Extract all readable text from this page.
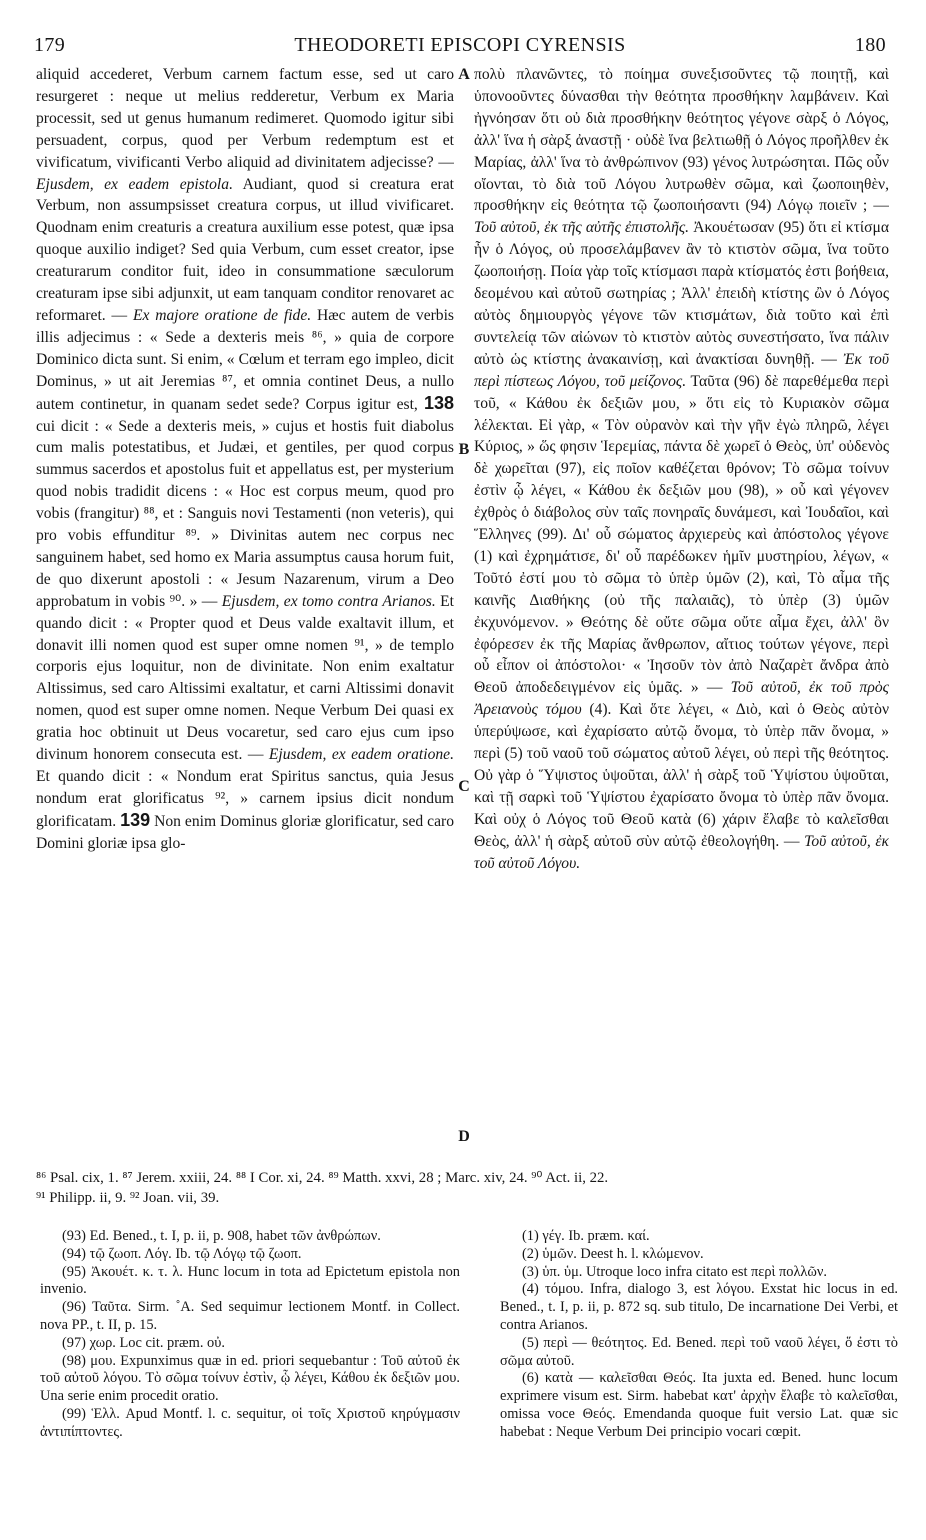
179	THEODORETI EPISCOPI CYRENSIS	180

aliquid accederet, Verbum carnem factum esse, sed ut caro resurgeret : neque ut melius redderetur, Verbum ex Maria processit, sed ut genus humanum redimeret. Quomodo igitur sibi persuadent, corpus, quod per Verbum redemptum est et vivificatum, vivificanti Verbo aliquid ad divinitatem adjecisse? — Ejusdem, ex eadem epistola. Audiant, quod si creatura erat Verbum, non assumpsisset creatura corpus, ut illud vivificaret. Quodnam enim creaturis a creatura auxilium esse potest, quæ ipsa quoque auxilio indiget? Sed quia Verbum, cum esset creator, ipse creaturarum conditor fuit, ideo in consummatione sæculorum creaturam ipse sibi adjunxit, ut eam tanquam conditor renovaret ac reformaret. — Ex majore oratione de fide. Hæc autem de verbis illis adjecimus : « Sede a dexteris meis ⁸⁶, » quia de corpore Dominico dicta sunt. Si enim, « Cœlum et terram ego impleo, dicit Dominus, » ut ait Jeremias ⁸⁷, et omnia continet Deus, a nullo autem continetur, in quanam sedet sede? Corpus igitur est, 138 cui dicit : « Sede a dexteris meis, » cujus et hostis fuit diabolus cum malis potestatibus, et Judæi, et gentiles, per quod corpus summus sacerdos et apostolus fuit et appellatus est, per mysterium quod nobis tradidit dicens : « Hoc est corpus meum, quod pro vobis (frangitur) ⁸⁸, et : Sanguis novi Testamenti (non veteris), qui pro vobis effunditur ⁸⁹. » Divinitas autem nec corpus nec sanguinem habet, sed homo ex Maria assumptus causa horum fuit, de quo dixerunt apostoli : « Jesum Nazarenum, virum a Deo approbatum in vobis ⁹⁰. » — Ejusdem, ex tomo contra Arianos. Et quando dicit : « Propter quod et Deus valde exaltavit illum, et donavit illi nomen quod est super omne nomen ⁹¹, » de templo corporis ejus loquitur, non de divinitate. Non enim exaltatur Altissimus, sed caro Altissimi exaltatur, et carni Altissimi donavit nomen, quod est super omne nomen. Neque Verbum Dei quasi ex gratia hoc obtinuit ut Deus vocaretur, sed caro ejus cum ipso divinum honorem consecuta est. — Ejusdem, ex eadem oratione. Et quando dicit : « Nondum erat Spiritus sanctus, quia Jesus nondum erat glorificatus ⁹², » carnem ipsius dicit nondum glorificatam. 139 Non enim Dominus gloriæ glorificatur, sed caro Domini gloriæ ipsa glo-

A
B
C
D

πολὺ πλανῶντες, τὸ ποίημα συνεξισοῦντες τῷ ποιητῇ, καὶ ὑπονοοῦντες δύνασθαι τὴν θεότητα προσθήκην λαμβάνειν. Καὶ ἠγνόησαν ὅτι οὐ διὰ προσθήκην θεότητος γέγονε σὰρξ ὁ Λόγος, ἀλλ' ἵνα ἡ σὰρξ ἀναστῇ · οὐδὲ ἵνα βελτιωθῇ ὁ Λόγος προῆλθεν ἐκ Μαρίας, ἀλλ' ἵνα τὸ ἀνθρώπινον (93) γένος λυτρώσηται. Πῶς οὖν οἴονται, τὸ διὰ τοῦ Λόγου λυτρωθὲν σῶμα, καὶ ζωοποιηθὲν, προσθήκην εἰς θεότητα τῷ ζωοποιήσαντι (94) Λόγῳ ποιεῖν ; — Τοῦ αὐτοῦ, ἐκ τῆς αὐτῆς ἐπιστολῆς. Ἀκουέτωσαν (95) ὅτι εἰ κτίσμα ἦν ὁ Λόγος, οὐ προσελάμβανεν ἂν τὸ κτιστὸν σῶμα, ἵνα τοῦτο ζωοποιήσῃ. Ποία γὰρ τοῖς κτίσμασι παρὰ κτίσματός ἐστι βοήθεια, δεομένου καὶ αὐτοῦ σωτηρίας ; Ἀλλ' ἐπειδὴ κτίστης ὢν ὁ Λόγος αὐτὸς δημιουργὸς γέγονε τῶν κτισμάτων, διὰ τοῦτο καὶ ἐπὶ συντελείᾳ τῶν αἰώνων τὸ κτιστὸν αὐτὸς συνεστήσατο, ἵνα πάλιν αὐτὸ ὡς κτίστης ἀνακαινίσῃ, καὶ ἀνακτίσαι δυνηθῇ. — Ἐκ τοῦ περὶ πίστεως Λόγου, τοῦ μείζονος. Ταῦτα (96) δὲ παρεθέμεθα περὶ τοῦ, « Κάθου ἐκ δεξιῶν μου, » ὅτι εἰς τὸ Κυριακὸν σῶμα λέλεκται. Εἰ γὰρ, « Τὸν οὐρανὸν καὶ τὴν γῆν ἐγὼ πληρῶ, λέγει Κύριος, » ὥς φησιν Ἱερεμίας, πάντα δὲ χωρεῖ ὁ Θεὸς, ὑπ' οὐδενὸς δὲ χωρεῖται (97), εἰς ποῖον καθέζεται θρόνον; Τὸ σῶμα τοίνυν ἐστὶν ᾧ λέγει, « Κάθου ἐκ δεξιῶν μου (98), » οὗ καὶ γέγονεν ἐχθρὸς ὁ διάβολος σὺν ταῖς πονηραῖς δυνάμεσι, καὶ Ἰουδαῖοι, καὶ Ἕλληνες (99). Δι' οὗ σώματος ἀρχιερεὺς καὶ ἀπόστολος γέγονε (1) καὶ ἐχρημάτισε, δι' οὗ παρέδωκεν ἡμῖν μυστηρίου, λέγων, « Τοῦτό ἐστί μου τὸ σῶμα τὸ ὑπὲρ ὑμῶν (2), καὶ, Τὸ αἷμα τῆς καινῆς Διαθήκης (οὐ τῆς παλαιᾶς), τὸ ὑπὲρ (3) ὑμῶν ἐκχυνόμενον. » Θεότης δὲ οὔτε σῶμα οὔτε αἷμα ἔχει, ἀλλ' ὃν ἐφόρεσεν ἐκ τῆς Μαρίας ἄνθρωπον, αἴτιος τούτων γέγονε, περὶ οὗ εἶπον οἱ ἀπόστολοι· « Ἰησοῦν τὸν ἀπὸ Ναζαρὲτ ἄνδρα ἀπὸ Θεοῦ ἀποδεδειγμένον εἰς ὑμᾶς. » — Τοῦ αὐτοῦ, ἐκ τοῦ πρὸς Ἀρειανοὺς τόμου (4). Καὶ ὅτε λέγει, « Διὸ, καὶ ὁ Θεὸς αὐτὸν ὑπερύψωσε, καὶ ἐχαρίσατο αὐτῷ ὄνομα, τὸ ὑπὲρ πᾶν ὄνομα, » περὶ (5) τοῦ ναοῦ τοῦ σώματος αὐτοῦ λέγει, οὐ περὶ τῆς θεότητος. Οὐ γὰρ ὁ Ὕψιστος ὑψοῦται, ἀλλ' ἡ σὰρξ τοῦ Ὑψίστου ὑψοῦται, καὶ τῇ σαρκὶ τοῦ Ὑψίστου ἐχαρίσατο ὄνομα τὸ ὑπὲρ πᾶν ὄνομα. Καὶ οὐχ ὁ Λόγος τοῦ Θεοῦ κατὰ (6) χάριν ἔλαβε τὸ καλεῖσθαι Θεὸς, ἀλλ' ἡ σὰρξ αὐτοῦ σὺν αὐτῷ ἐθεολογήθη. — Τοῦ αὐτοῦ, ἐκ τοῦ αὐτοῦ Λόγου.

⁸⁶ Psal. cix, 1. ⁸⁷ Jerem. xxiii, 24. ⁸⁸ I Cor. xi, 24. ⁸⁹ Matth. xxvi, 28 ; Marc. xiv, 24. ⁹⁰ Act. ii, 22.

⁹¹ Philipp. ii, 9. ⁹² Joan. vii, 39.

(93) Ed. Bened., t. I, p. ii, p. 908, habet τῶν ἀνθρώπων.

(94) τῷ ζωοπ. Λόγ. Ib. τῷ Λόγῳ τῷ ζωοπ.

(95) Ἀκουέτ. κ. τ. λ. Hunc locum in tota ad Epictetum epistola non invenio.

(96) Ταῦτα. Sirm. ˚A. Sed sequimur lectionem Montf. in Collect. nova PP., t. II, p. 15.

(97) χωρ. Loc cit. præm. οὐ.

(98) μου. Expunximus quæ in ed. priori sequebantur : Τοῦ αὐτοῦ ἐκ τοῦ αὐτοῦ λόγου. Τὸ σῶμα τοίνυν ἐστὶν, ᾧ λέγει, Κάθου ἐκ δεξιῶν μου. Una serie enim procedit oratio.

(99) Ἑλλ. Apud Montf. l. c. sequitur, οἱ τοῖς Χριστοῦ κηρύγμασιν ἀντιπίπτοντες.

(1) γέγ. Ib. præm. καί.

(2) ὑμῶν. Deest h. l. κλώμενον.

(3) ὑπ. ὑμ. Utroque loco infra citato est περὶ πολλῶν.

(4) τόμου. Infra, dialogo 3, est λόγου. Exstat hic locus in ed. Bened., t. I, p. ii, p. 872 sq. sub titulo, De incarnatione Dei Verbi, et contra Arianos.

(5) περὶ — θεότητος. Ed. Bened. περὶ τοῦ ναοῦ λέγει, ὅ ἐστι τὸ σῶμα αὐτοῦ.

(6) κατὰ — καλεῖσθαι Θεός. Ita juxta ed. Bened. hunc locum exprimere visum est. Sirm. habebat κατ' ἀρχὴν ἔλαβε τὸ καλεῖσθαι, omissa voce Θεός. Emendanda quoque fuit versio Lat. quæ sic habebat : Neque Verbum Dei principio vocari cœpit.
